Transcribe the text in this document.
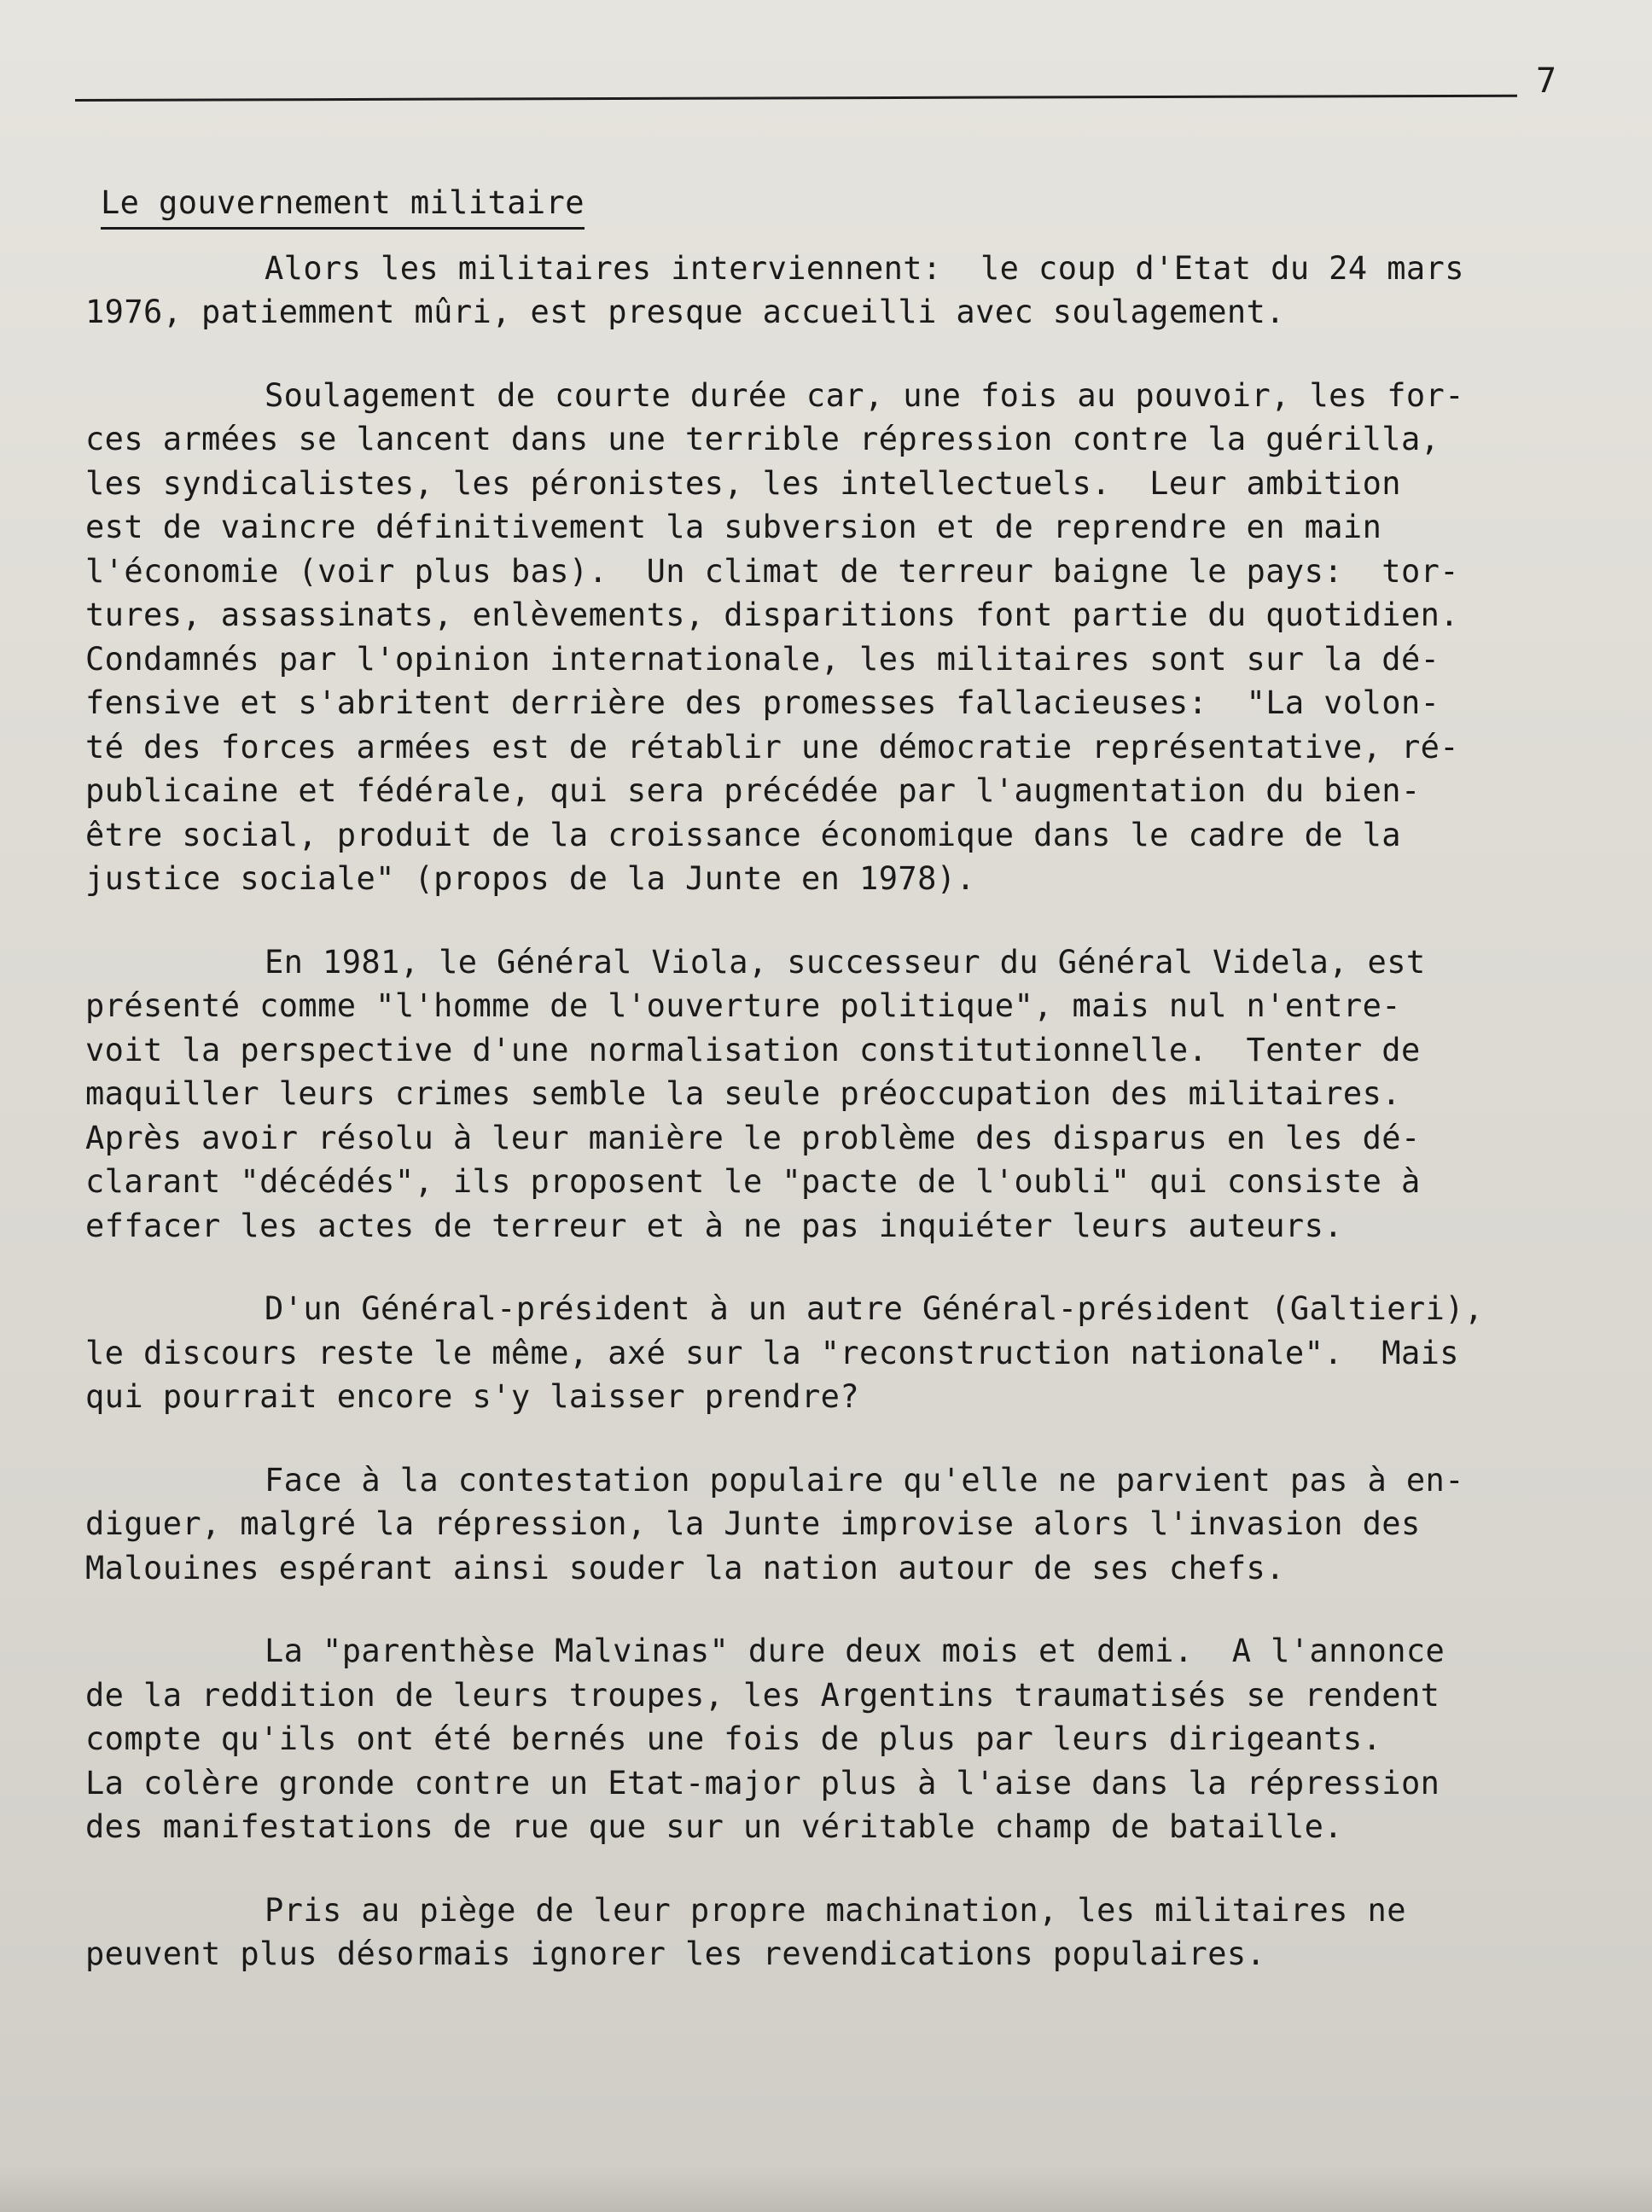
7
Le gouvernement militaire
Alors les militaires interviennent:  le coup d'Etat du 24 mars
1976, patiemment mûri, est presque accueilli avec soulagement.
Soulagement de courte durée car, une fois au pouvoir, les for-
ces armées se lancent dans une terrible répression contre la guérilla,
les syndicalistes, les péronistes, les intellectuels.  Leur ambition
est de vaincre définitivement la subversion et de reprendre en main
l'économie (voir plus bas).  Un climat de terreur baigne le pays:  tor-
tures, assassinats, enlèvements, disparitions font partie du quotidien.
Condamnés par l'opinion internationale, les militaires sont sur la dé-
fensive et s'abritent derrière des promesses fallacieuses:  "La volon-
té des forces armées est de rétablir une démocratie représentative, ré-
publicaine et fédérale, qui sera précédée par l'augmentation du bien-
être social, produit de la croissance économique dans le cadre de la
justice sociale" (propos de la Junte en 1978).
En 1981, le Général Viola, successeur du Général Videla, est
présenté comme "l'homme de l'ouverture politique", mais nul n'entre-
voit la perspective d'une normalisation constitutionnelle.  Tenter de
maquiller leurs crimes semble la seule préoccupation des militaires.
Après avoir résolu à leur manière le problème des disparus en les dé-
clarant "décédés", ils proposent le "pacte de l'oubli" qui consiste à
effacer les actes de terreur et à ne pas inquiéter leurs auteurs.
D'un Général-président à un autre Général-président (Galtieri),
le discours reste le même, axé sur la "reconstruction nationale".  Mais
qui pourrait encore s'y laisser prendre?
Face à la contestation populaire qu'elle ne parvient pas à en-
diguer, malgré la répression, la Junte improvise alors l'invasion des
Malouines espérant ainsi souder la nation autour de ses chefs.
La "parenthèse Malvinas" dure deux mois et demi.  A l'annonce
de la reddition de leurs troupes, les Argentins traumatisés se rendent
compte qu'ils ont été bernés une fois de plus par leurs dirigeants.
La colère gronde contre un Etat-major plus à l'aise dans la répression
des manifestations de rue que sur un véritable champ de bataille.
Pris au piège de leur propre machination, les militaires ne
peuvent plus désormais ignorer les revendications populaires.
